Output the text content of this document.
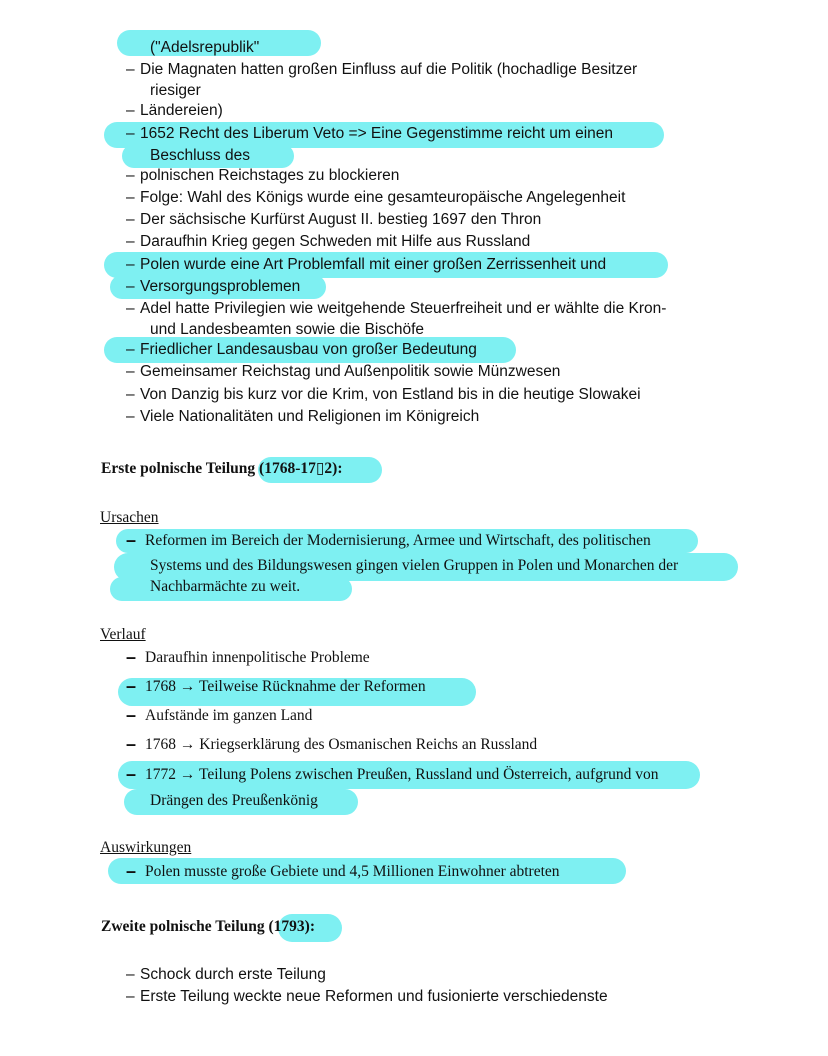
("Adelsrepublik"
– Die Magnaten hatten großen Einfluss auf die Politik (hochadlige Besitzer
riesiger
– Ländereien)
– 1652 Recht des Liberum Veto => Eine Gegenstimme reicht um einen
Beschluss des
– polnischen Reichstages zu blockieren
– Folge: Wahl des Königs wurde eine gesamteuropäische Angelegenheit
– Der sächsische Kurfürst August II. bestieg 1697 den Thron
– Daraufhin Krieg gegen Schweden mit Hilfe aus Russland
– Polen wurde eine Art Problemfall mit einer großen Zerrissenheit und
– Versorgungsproblemen
– Adel hatte Privilegien wie weitgehende Steuerfreiheit und er wählte die Kron-
und Landesbeamten sowie die Bischöfe
– Friedlicher Landesausbau von großer Bedeutung
– Gemeinsamer Reichstag und Außenpolitik sowie Münzwesen
– Von Danzig bis kurz vor die Krim, von Estland bis in die heutige Slowakei
– Viele Nationalitäten und Religionen im Königreich
Erste polnische Teilung (1768-17▯2):
Ursachen
– Reformen im Bereich der Modernisierung, Armee und Wirtschaft, des politischen
Systems und des Bildungswesen gingen vielen Gruppen in Polen und Monarchen der
Nachbarmächte zu weit.
Verlauf
– Daraufhin innenpolitische Probleme
– 1768 → Teilweise Rücknahme der Reformen
– Aufstände im ganzen Land
– 1768 → Kriegserklärung des Osmanischen Reichs an Russland
– 1772 → Teilung Polens zwischen Preußen, Russland und Österreich, aufgrund von
Drängen des Preußenkönig
Auswirkungen
– Polen musste große Gebiete und 4,5 Millionen Einwohner abtreten
Zweite polnische Teilung (1793):
– Schock durch erste Teilung
– Erste Teilung weckte neue Reformen und fusionierte verschiedenste
